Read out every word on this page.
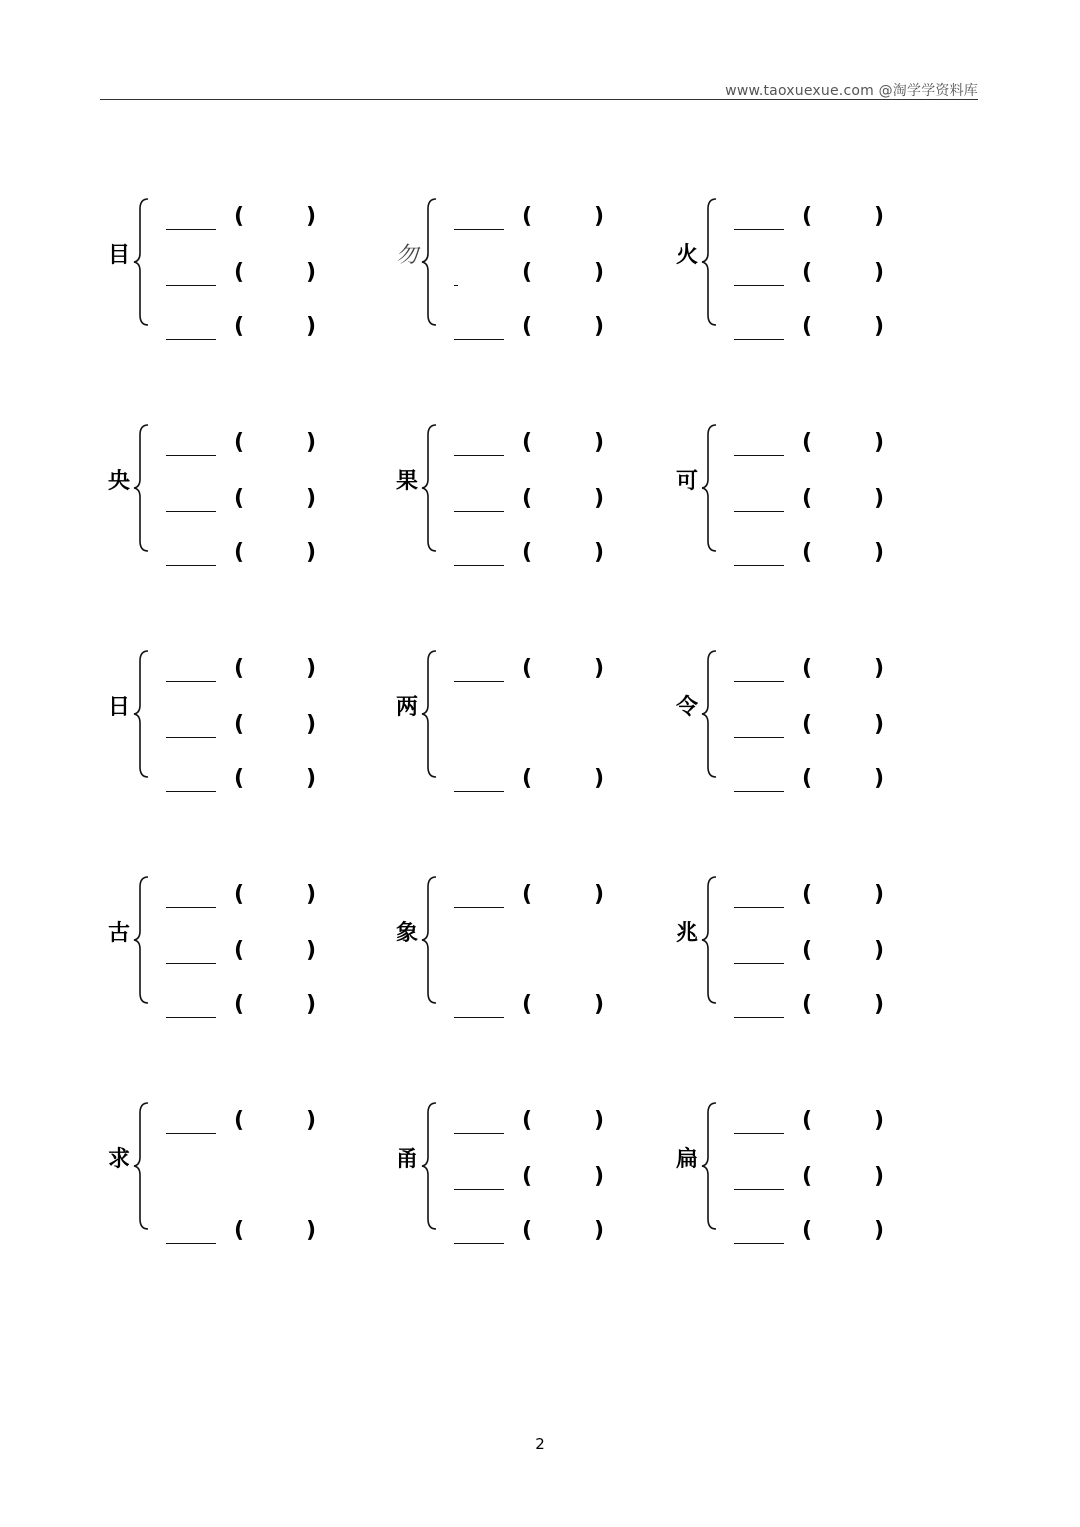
www.taoxuexue.com @淘学学资料库
目
(	)
(	)
(	)
勿
(	)
(	)
(	)
火
(	)
(	)
(	)
央
(	)
(	)
(	)
果
(	)
(	)
(	)
可
(	)
(	)
(	)
日
(	)
(	)
(	)
两
(	)
(	)
令
(	)
(	)
(	)
古
(	)
(	)
(	)
象
(	)
(	)
兆
(	)
(	)
(	)
求
(	)
(	)
甬
(	)
(	)
(	)
扁
(	)
(	)
(	)
2
